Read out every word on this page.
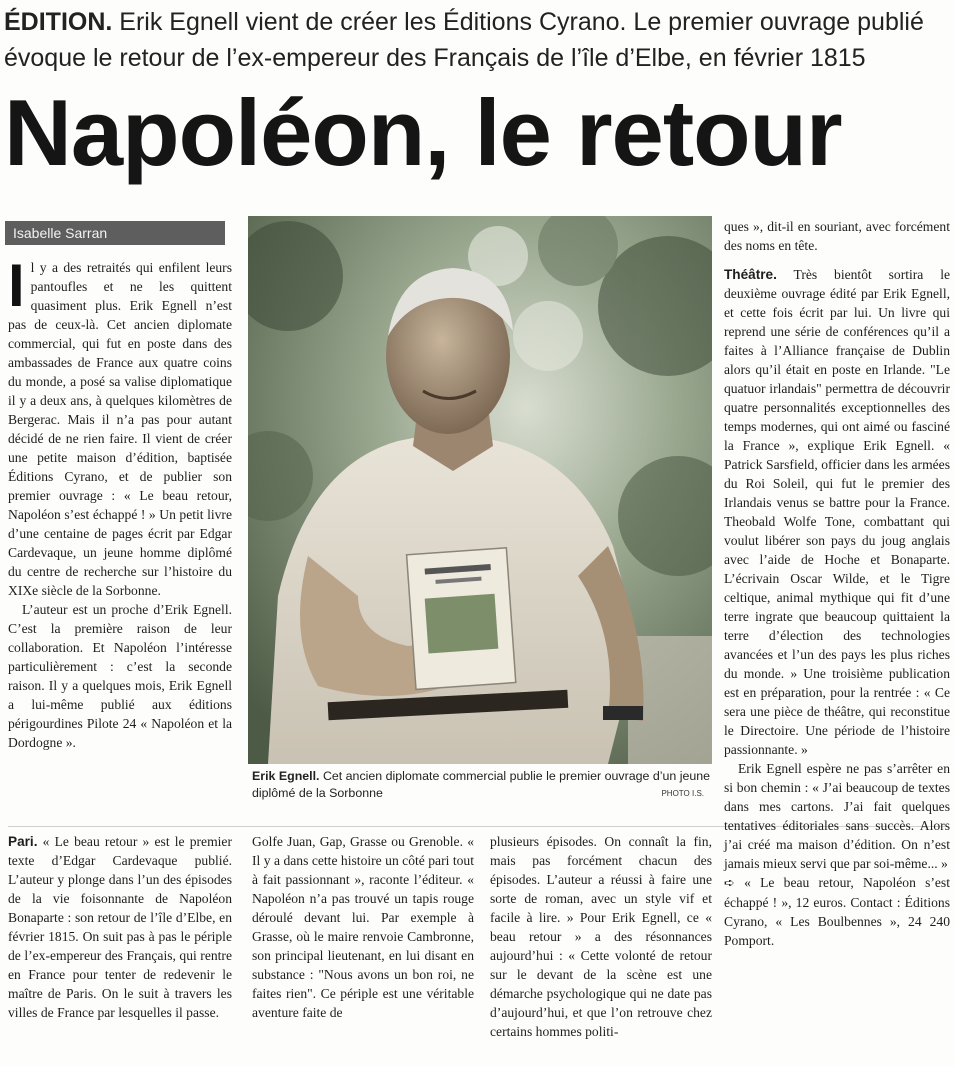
ÉDITION. Erik Egnell vient de créer les Éditions Cyrano. Le premier ouvrage publié évoque le retour de l’ex-empereur des Français de l’île d’Elbe, en février 1815
Napoléon, le retour
Isabelle Sarran

Il y a des retraités qui enfilent leurs pantoufles et ne les quittent quasiment plus. Erik Egnell n’est pas de ceux-là. Cet ancien diplomate commercial, qui fut en poste dans des ambassades de France aux quatre coins du monde, a posé sa valise diplomatique il y a deux ans, à quelques kilomètres de Bergerac. Mais il n’a pas pour autant décidé de ne rien faire. Il vient de créer une petite maison d’édition, baptisée Éditions Cyrano, et de publier son premier ouvrage : « Le beau retour, Napoléon s’est échappé ! » Un petit livre d’une centaine de pages écrit par Edgar Cardevaque, un jeune homme diplômé du centre de recherche sur l’histoire du XIXe siècle de la Sorbonne.

L’auteur est un proche d’Erik Egnell. C’est la première raison de leur collaboration. Et Napoléon l’intéresse particulièrement : c’est la seconde raison. Il y a quelques mois, Erik Egnell a lui-même publié aux éditions périgourdines Pilote 24 « Napoléon et la Dordogne ».

Erik Egnell. Cet ancien diplomate commercial publie le premier ouvrage d’un jeune diplômé de la Sorbonne	PHOTO I.S.

ques », dit-il en souriant, avec forcément des noms en tête.

Théâtre. Très bientôt sortira le deuxième ouvrage édité par Erik Egnell, et cette fois écrit par lui. Un livre qui reprend une série de conférences qu’il a faites à l’Alliance française de Dublin alors qu’il était en poste en Irlande. "Le quatuor irlandais" permettra de découvrir quatre personnalités exceptionnelles des temps modernes, qui ont aimé ou fasciné la France », explique Erik Egnell. « Patrick Sarsfield, officier dans les armées du Roi Soleil, qui fut le premier des Irlandais venus se battre pour la France. Theobald Wolfe Tone, combattant qui voulut libérer son pays du joug anglais avec l’aide de Hoche et Bonaparte. L’écrivain Oscar Wilde, et le Tigre celtique, animal mythique qui fit d’une terre ingrate que beaucoup quittaient la terre d’élection des technologies avancées et l’un des pays les plus riches du monde. » Une troisième publication est en préparation, pour la rentrée : « Ce sera une pièce de théâtre, qui reconstitue le Directoire. Une période de l’histoire passionnante. »

Erik Egnell espère ne pas s’arrêter en si bon chemin : « J’ai beaucoup de textes dans mes cartons. J’ai fait quelques tentatives éditoriales sans succès. Alors j’ai créé ma maison d’édition. On n’est jamais mieux servi que par soi-même... »

➪ « Le beau retour, Napoléon s’est échappé ! », 12 euros. Contact : Éditions Cyrano, « Les Boulbennes », 24 240 Pomport.

Pari. « Le beau retour » est le premier texte d’Edgar Cardevaque publié. L’auteur y plonge dans l’un des épisodes de la vie foisonnante de Napoléon Bonaparte : son retour de l’île d’Elbe, en février 1815. On suit pas à pas le périple de l’ex-empereur des Français, qui rentre en France pour tenter de redevenir le maître de Paris. On le suit à travers les villes de France par lesquelles il passe.

Golfe Juan, Gap, Grasse ou Grenoble. « Il y a dans cette histoire un côté pari tout à fait passionnant », raconte l’éditeur. « Napoléon n’a pas trouvé un tapis rouge déroulé devant lui. Par exemple à Grasse, où le maire renvoie Cambronne, son principal lieutenant, en lui disant en substance : "Nous avons un bon roi, ne faites rien". Ce périple est une véritable aventure faite de

plusieurs épisodes. On connaît la fin, mais pas forcément chacun des épisodes. L’auteur a réussi à faire une sorte de roman, avec un style vif et facile à lire. » Pour Erik Egnell, ce « beau retour » a des résonnances aujourd’hui : « Cette volonté de retour sur le devant de la scène est une démarche psychologique qui ne date pas d’aujourd’hui, et que l’on retrouve chez certains hommes politi-
